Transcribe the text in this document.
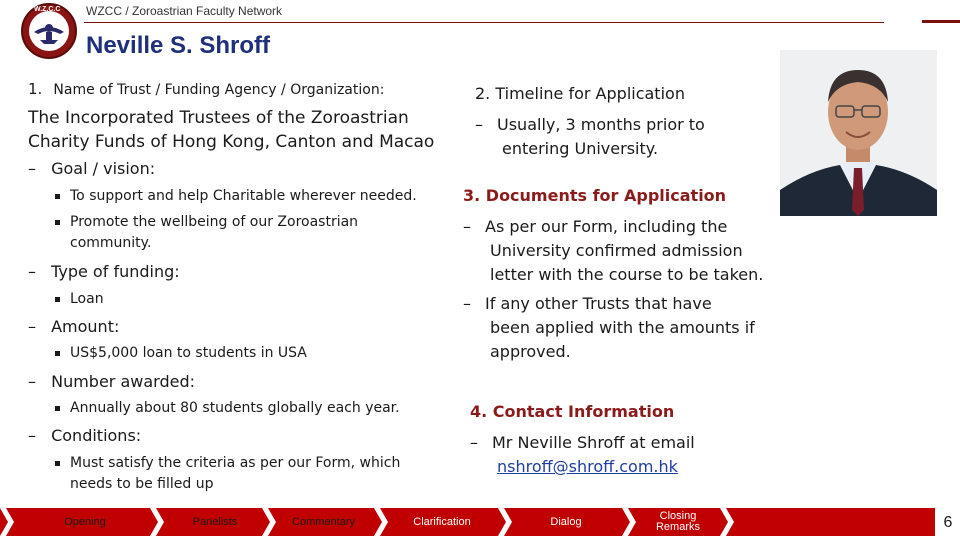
W.Z.C.C WZCC / Zoroastrian Faculty Network
Neville S. Shroff
1. Name of Trust / Funding Agency / Organization:
The Incorporated Trustees of the Zoroastrian
Charity Funds of Hong Kong, Canton and Macao
– Goal / vision:
To support and help Charitable wherever needed.
Promote the wellbeing of our Zoroastrian
community.
– Type of funding:
Loan
– Amount:
US$5,000 loan to students in USA
– Number awarded:
Annually about 80 students globally each year.
– Conditions:
Must satisfy the criteria as per our Form, which
needs to be filled up
2. Timeline for Application
– Usually, 3 months prior to
entering University.
3. Documents for Application
– As per our Form, including the
University confirmed admission
letter with the course to be taken.
– If any other Trusts that have
been applied with the amounts if
approved.
4. Contact Information
– Mr Neville Shroff at email
nshroff@shroff.com.hk
Opening	Panelists	Commentary	Clarification	Dialog	Closing
Remarks	6
